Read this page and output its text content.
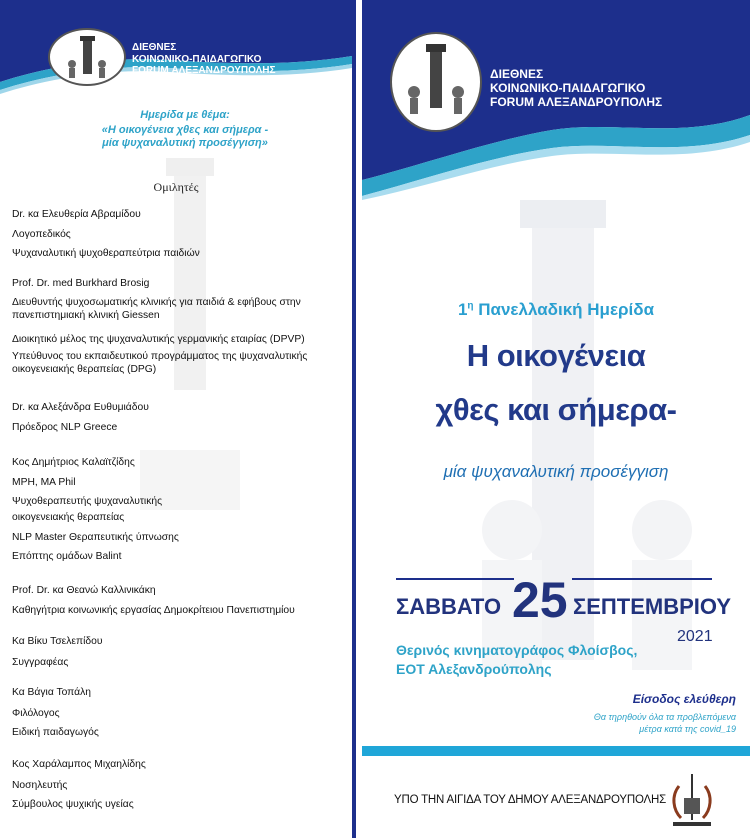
ΔΙΕΘΝΕΣ
ΚΟΙΝΩΝΙΚΟ-ΠΑΙΔΑΓΩΓΙΚΟ
FORUM ΑΛΕΞΑΝΔΡΟΥΠΟΛΗΣ
Ημερίδα με θέμα:
«Η οικογένεια χθες και σήμερα -
μία ψυχαναλυτική προσέγγιση»
Ομιλητές
Dr. κα Ελευθερία Αβραμίδου
Λογοπεδικός
Ψυχαναλυτική ψυχοθεραπεύτρια παιδιών
Prof. Dr. med Burkhard Brosig
Διευθυντής ψυχοσωματικής κλινικής για παιδιά & εφήβους στην πανεπιστημιακή κλινική Giessen
Διοικητικό μέλος της ψυχαναλυτικής γερμανικής εταιρίας (DPVP)
Υπεύθυνος του εκπαιδευτικού προγράμματος της ψυχαναλυτικής οικογενειακής θεραπείας (DPG)
Dr. κα Αλεξάνδρα Ευθυμιάδου
Πρόεδρος NLP Greece
Κος Δημήτριος Καλαϊτζίδης
MPH, MA Phil
Ψυχοθεραπευτής ψυχαναλυτικής
οικογενειακής θεραπείας
NLP Master Θεραπευτικής ύπνωσης
Επόπτης ομάδων Balint
Prof. Dr. κα Θεανώ Καλλινικάκη
Καθηγήτρια κοινωνικής εργασίας Δημοκρίτειου Πανεπιστημίου
Κα Βίκυ Τσελεπίδου
Συγγραφέας
Κα Βάγια Τοπάλη
Φιλόλογος
Ειδική παιδαγωγός
Κος Χαράλαμπος Μιχαηλίδης
Νοσηλευτής
Σύμβουλος ψυχικής υγείας
ΔΙΕΘΝΕΣ
ΚΟΙΝΩΝΙΚΟ-ΠΑΙΔΑΓΩΓΙΚΟ
FORUM ΑΛΕΞΑΝΔΡΟΥΠΟΛΗΣ
$1^\eta$ Πανελλαδική Ημερίδα
Η οικογένεια
χθες και σήμερα-
μία ψυχαναλυτική προσέγγιση
ΣΑΒΒΑΤΟ 25 ΣΕΠΤΕΜΒΡΙΟΥ
2021
Θερινός κινηματογράφος Φλοίσβος,
ΕΟΤ Αλεξανδρούπολης
Είσοδος ελεύθερη
Θα τηρηθούν όλα τα προβλεπόμενα
μέτρα κατά της covid_19
ΥΠΟ ΤΗΝ ΑΙΓΙΔΑ ΤΟΥ ΔΗΜΟΥ ΑΛΕΞΑΝΔΡΟΥΠΟΛΗΣ
